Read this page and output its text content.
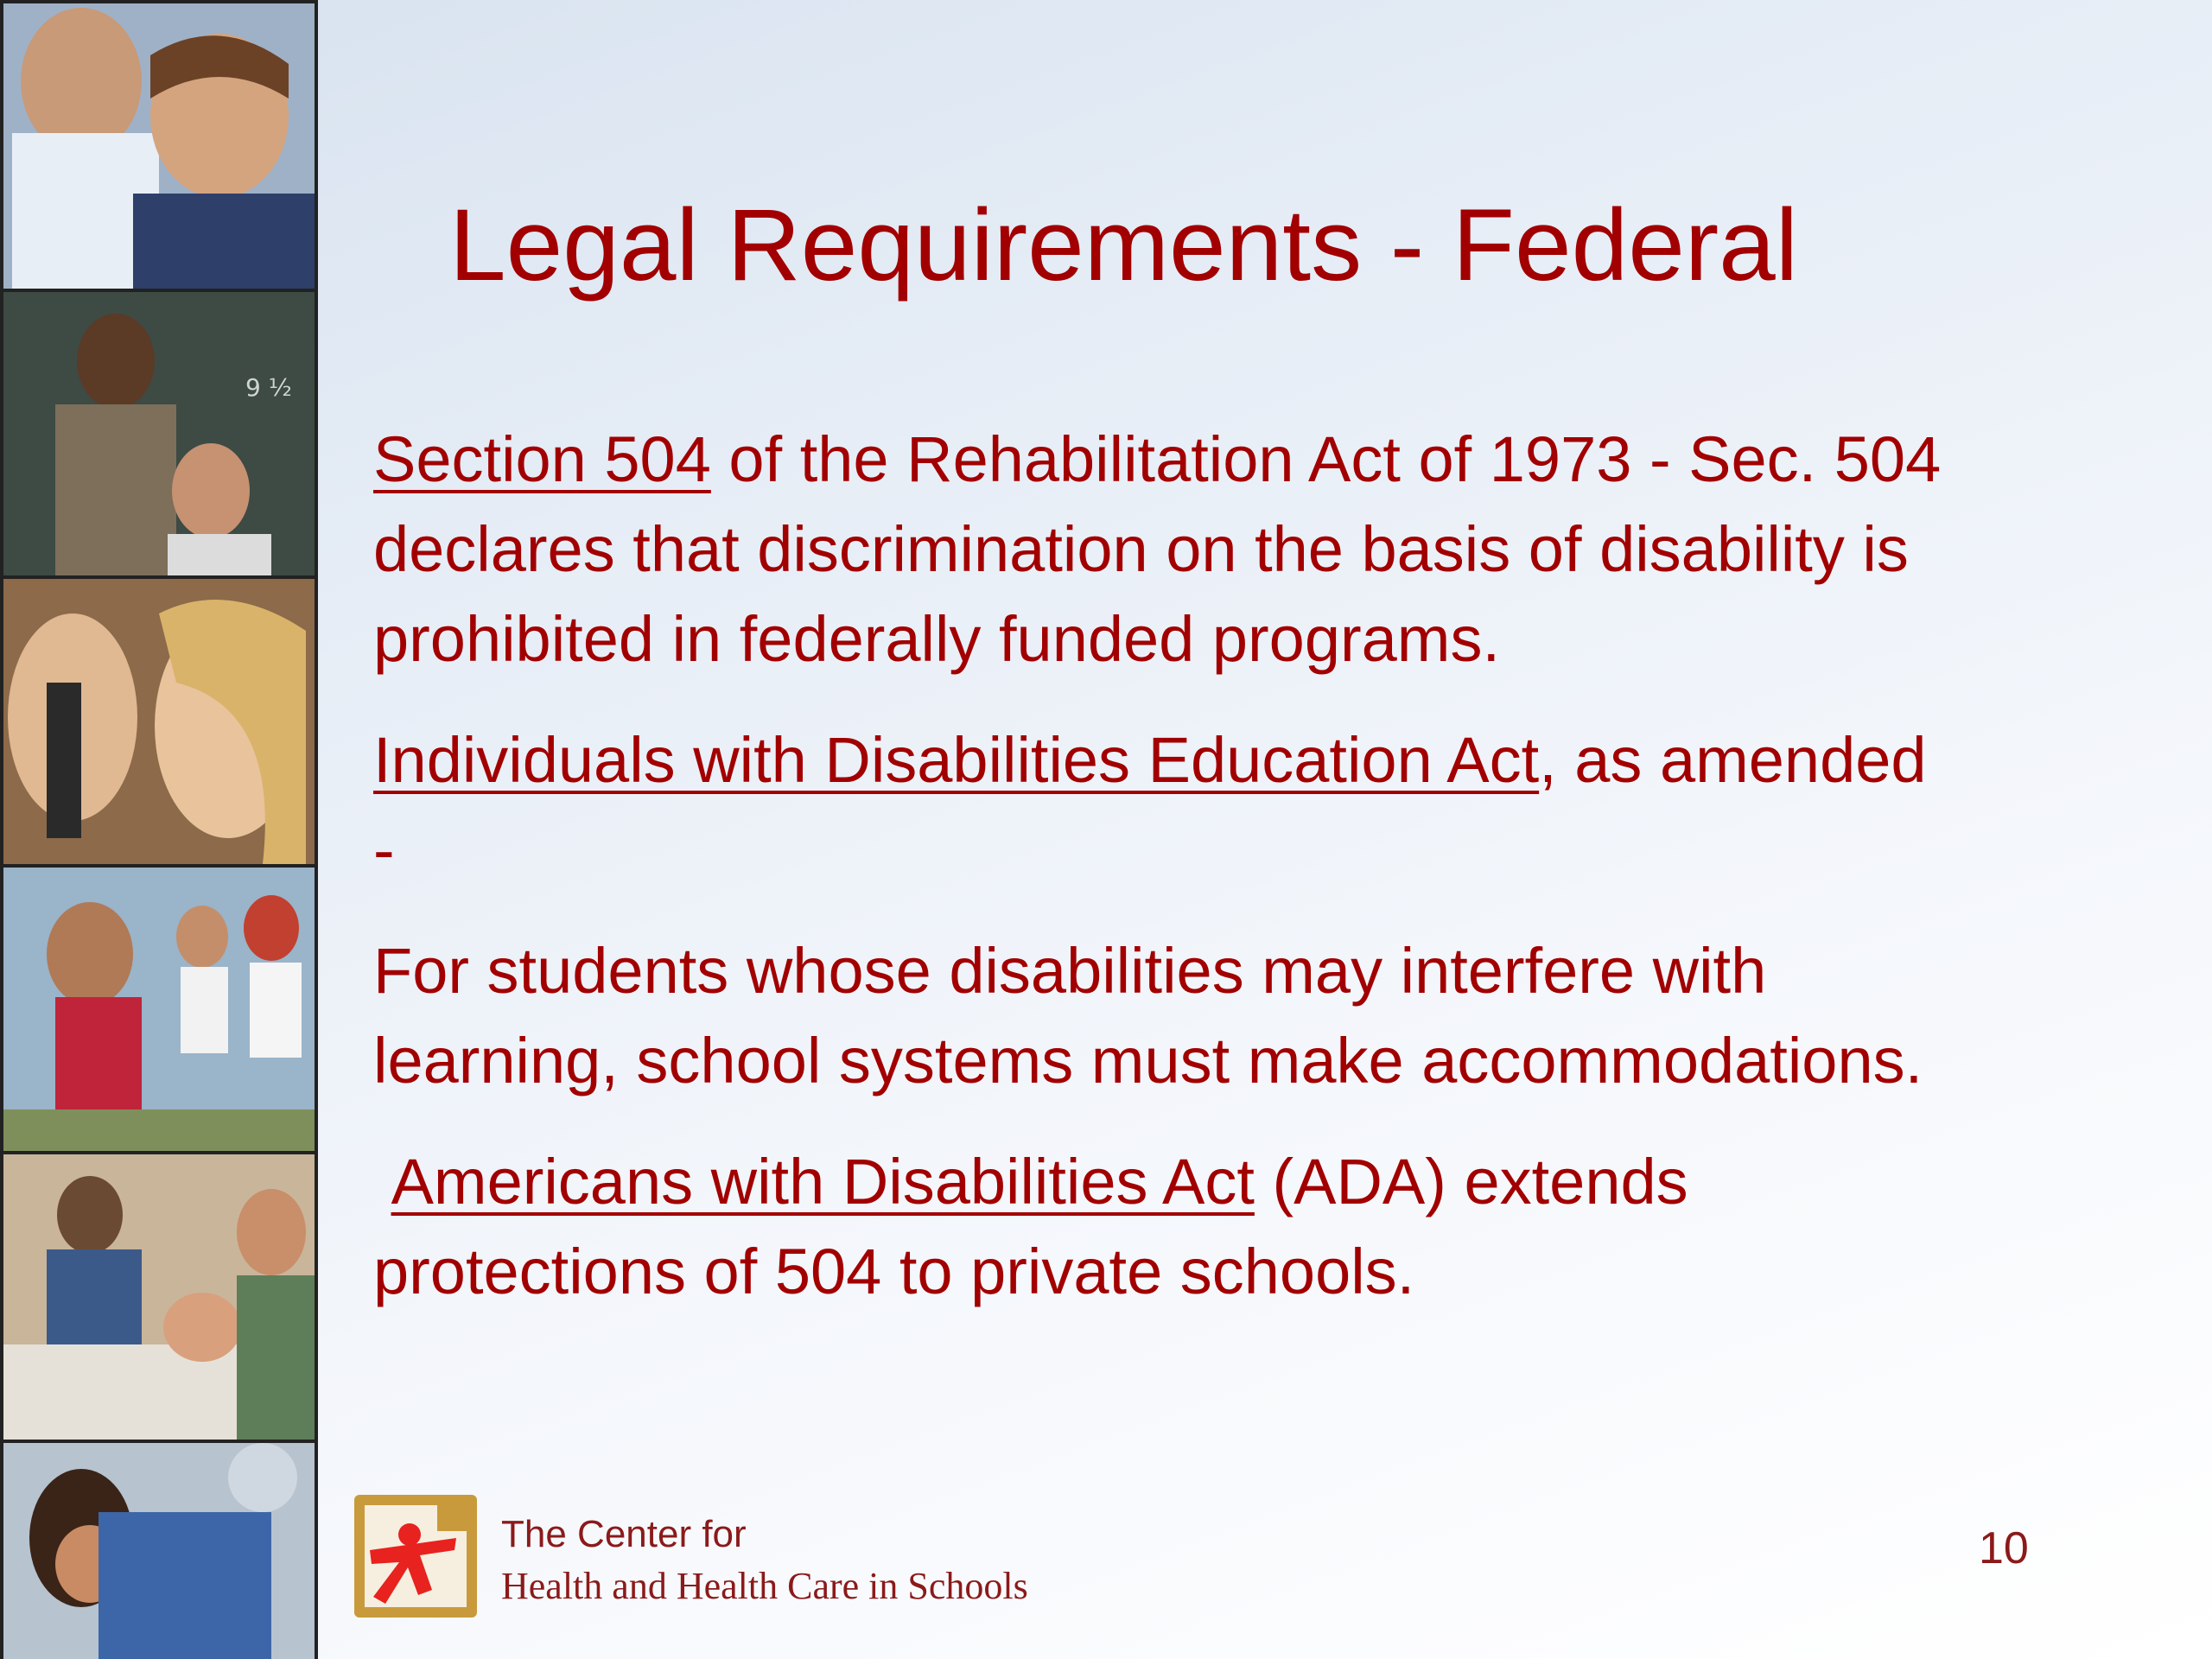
9 ½
Legal Requirements - Federal

Section 504 of the Rehabilitation Act of 1973 - Sec. 504
declares that discrimination on the basis of disability is
prohibited in federally funded programs.

Individuals with Disabilities Education Act, as amended
-

For students whose disabilities may interfere with
learning, school systems must make accommodations.

Americans with Disabilities Act (ADA) extends
protections of 504 to private schools.

The Center for
Health and Health Care in Schools
10
